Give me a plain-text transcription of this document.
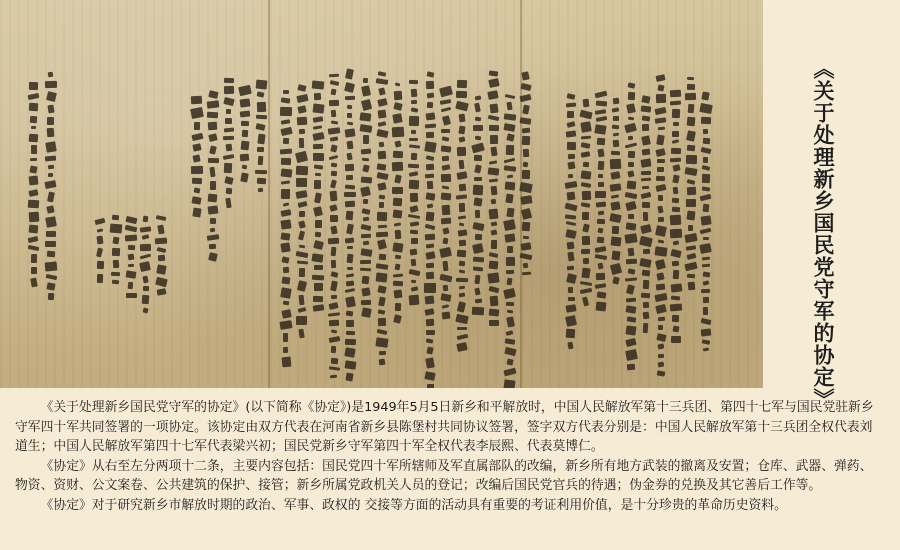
《关于处理新乡国民党守军的协定》

《关于处理新乡国民党守军的协定》(以下简称《协定》)是1949年5月5日新乡和平解放时，中国人民解放军第十三兵团、第四十七军与国民党驻新乡守军四十军共同签署的一项协定。该协定由双方代表在河南省新乡县陈堡村共同协议签署，签字双方代表分别是：中国人民解放军第十三兵团全权代表刘道生；中国人民解放军第四十七军代表梁兴初；国民党新乡守军第四十军全权代表李辰熙、代表莫博仁。

《协定》从右至左分两项十二条，主要内容包括：国民党四十军所辖师及军直属部队的改编，新乡所有地方武装的撤离及安置；仓库、武器、弹药、物资、资财、公文案卷、公共建筑的保护、接管；新乡所属党政机关人员的登记；改编后国民党官兵的待遇；伪金券的兑换及其它善后工作等。

《协定》对于研究新乡市解放时期的政治、军事、政权的 交接等方面的活动具有重要的考证利用价值，是十分珍贵的革命历史资料。
